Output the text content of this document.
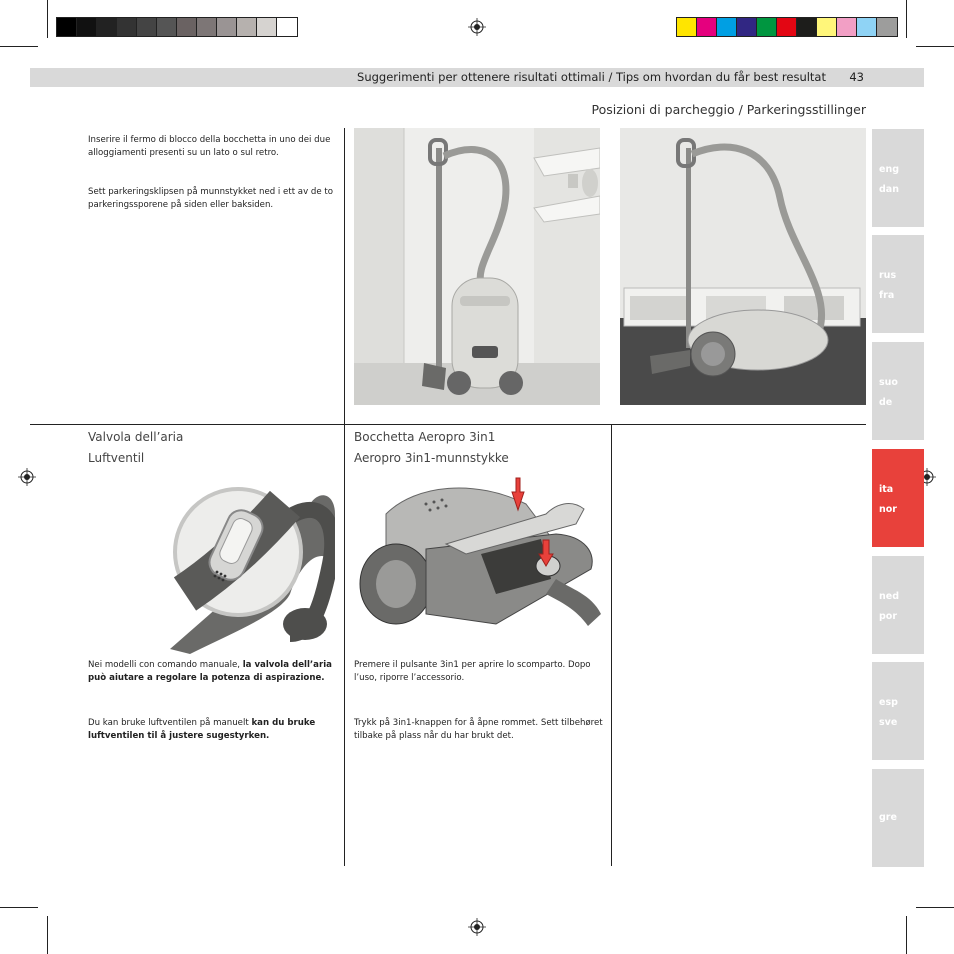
Suggerimenti per ottenere risultati ottimali / Tips om hvordan du får best resultat 43
Posizioni di parcheggio / Parkeringsstillinger
eng
dan
rus
fra
suo
de
ita
nor
ned
por
esp
sve
gre
Inserire il fermo di blocco della bocchetta in uno dei due alloggiamenti presenti su un lato o sul retro.
Sett parkeringsklipsen på munnstykket ned i ett av de to parkeringssporene på siden eller baksiden.
Valvola dell’aria
Luftventil
Nei modelli con comando manuale, la valvola dell’aria può aiutare a regolare la potenza di aspirazione.
Du kan bruke luftventilen på manuelt kan du bruke luftventilen til å justere sugestyrken.
Bocchetta Aeropro 3in1
Aeropro 3in1-munnstykke
Premere il pulsante 3in1 per aprire lo scomparto. Dopo l’uso, riporre l’accessorio.
Trykk på 3in1-knappen for å åpne rommet. Sett tilbehøret tilbake på plass når du har brukt det.
